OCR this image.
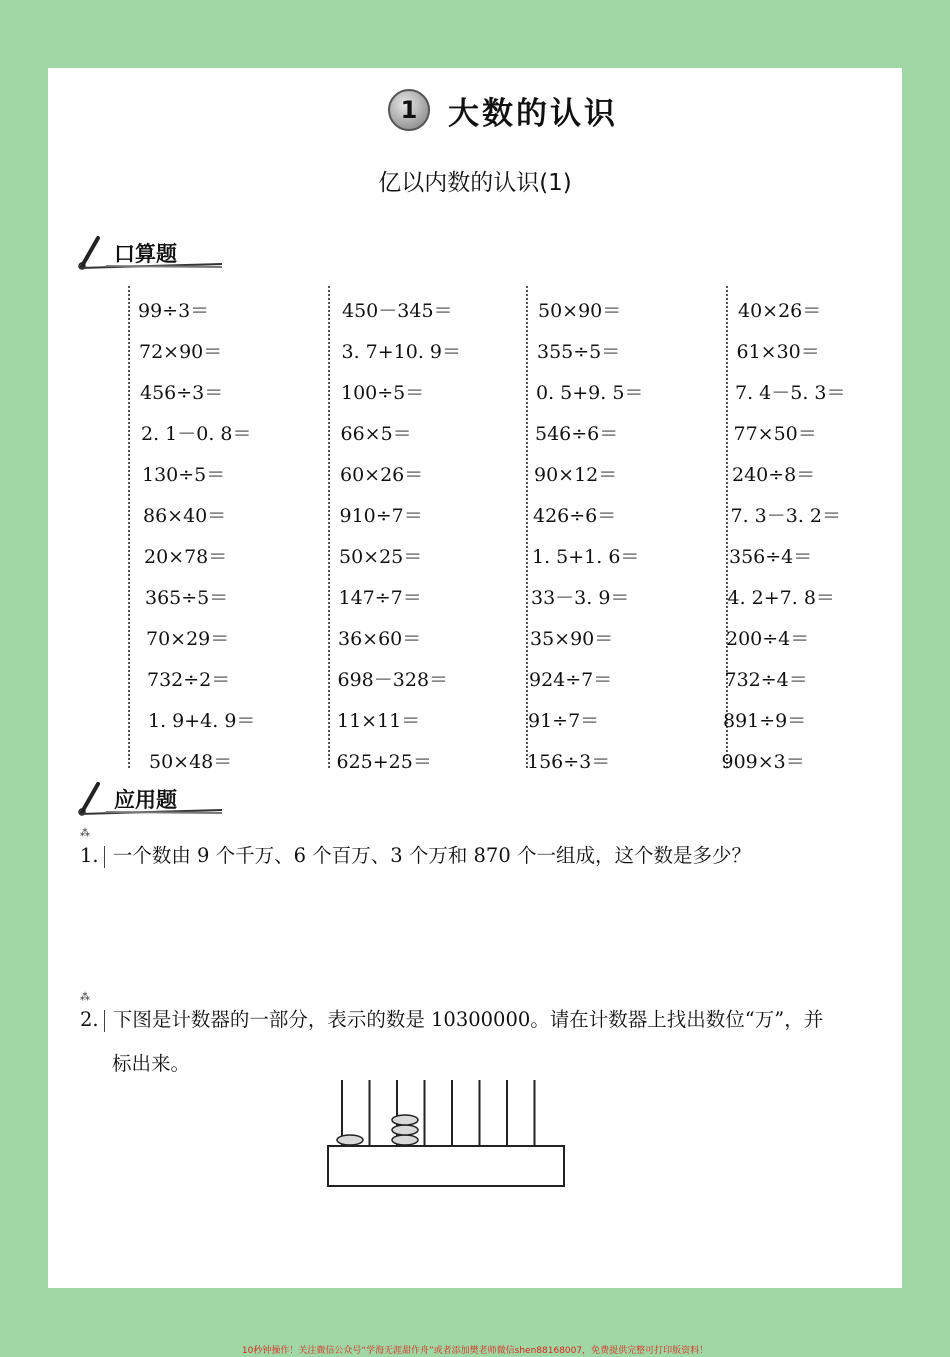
1 大数的认识
亿以内数的认识(1)
口算题
99÷3＝
72×90＝
456÷3＝
2. 1－0. 8＝
130÷5＝
86×40＝
20×78＝
365÷5＝
70×29＝
732÷2＝
1. 9+4. 9＝
50×48＝
450－345＝
3. 7+10. 9＝
100÷5＝
66×5＝
60×26＝
910÷7＝
50×25＝
147÷7＝
36×60＝
698－328＝
11×11＝
625+25＝
50×90＝
355÷5＝
0. 5+9. 5＝
546÷6＝
90×12＝
426÷6＝
1. 5+1. 6＝
33－3. 9＝
35×90＝
924÷7＝
91÷7＝
156÷3＝
40×26＝
61×30＝
7. 4－5. 3＝
77×50＝
240÷8＝
7. 3－3. 2＝
356÷4＝
4. 2+7. 8＝
200÷4＝
732÷4＝
891÷9＝
909×3＝
应用题
⁂ 1. 一个数由 9 个千万、6 个百万、3 个万和 870 个一组成，这个数是多少？
⁂ 2. 下图是计数器的一部分，表示的数是 10300000。请在计数器上找出数位“万”，并
标出来。
10秒钟操作！关注微信公众号“学海无涯甜作舟”或者添加樊老师微信shen88168007，免费提供完整可打印版资料！
